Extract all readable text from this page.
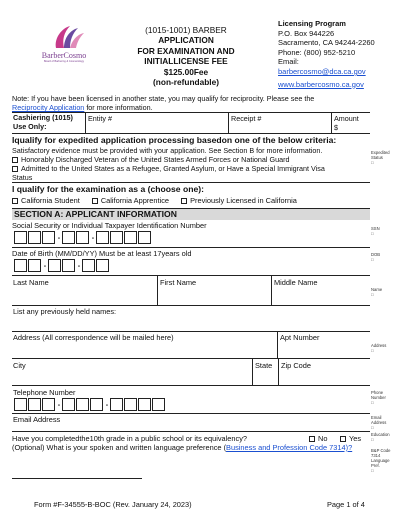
BarberCosmo
Board of Barbering & Cosmetology
(1015-1001) BARBER
APPLICATION
FOR EXAMINATION AND
INITIALLICENSE FEE
$125.00Fee
(non-refundable)
Licensing Program
P.O. Box 944226
Sacramento, CA 94244-2260
Phone: (800) 952-5210
Email:
barbercosmo@dca.ca.gov
www.barbercosmo.ca.gov
Note: If you have been licensed in another state, you may qualify for reciprocity. Please see the
Reciprocity Application for more information.
Cashiering (1015) Use Only:
Entity #	Receipt #	Amount
$
Iqualify for expedited application processing basedon one of the below criteria:
Satisfactory evidence must be provided with your application. See Section B for more information.
Honorably Discharged Veteran of the United States Armed Forces or National Guard
Admitted to the United States as a Refugee, Granted Asylum, or Have a Special Immigrant Visa
Status
I qualify for the examination as a (choose one):
California Student	California Apprentice	Previously Licensed in California
SECTION A: APPLICANT INFORMATION
Social Security or Individual Taxpayer Identification Number
-	-
Date of Birth (MM/DD/YY) Must be at least 17years old
-	-
Last Name	First Name	Middle Name
List any previously held names:
Address (All correspondence will be mailed here)	Apt Number
City	State	Zip Code
Telephone Number
-	-
Email Address
Have you completedthe10th grade in a public school or its equivalency?	No	Yes
(Optional) What is your spoken and written language preference (Business and Profession Code 7314)?
Expedited Status
□
SSN
□
DOB
□
Name
□
Address
□
Phone Number
□
Email Address
□
Education
□
B&P Code 7314 Language Pref.
□
Form #F-34555-B-BOC (Rev. January 24, 2023)	Page 1 of 4
